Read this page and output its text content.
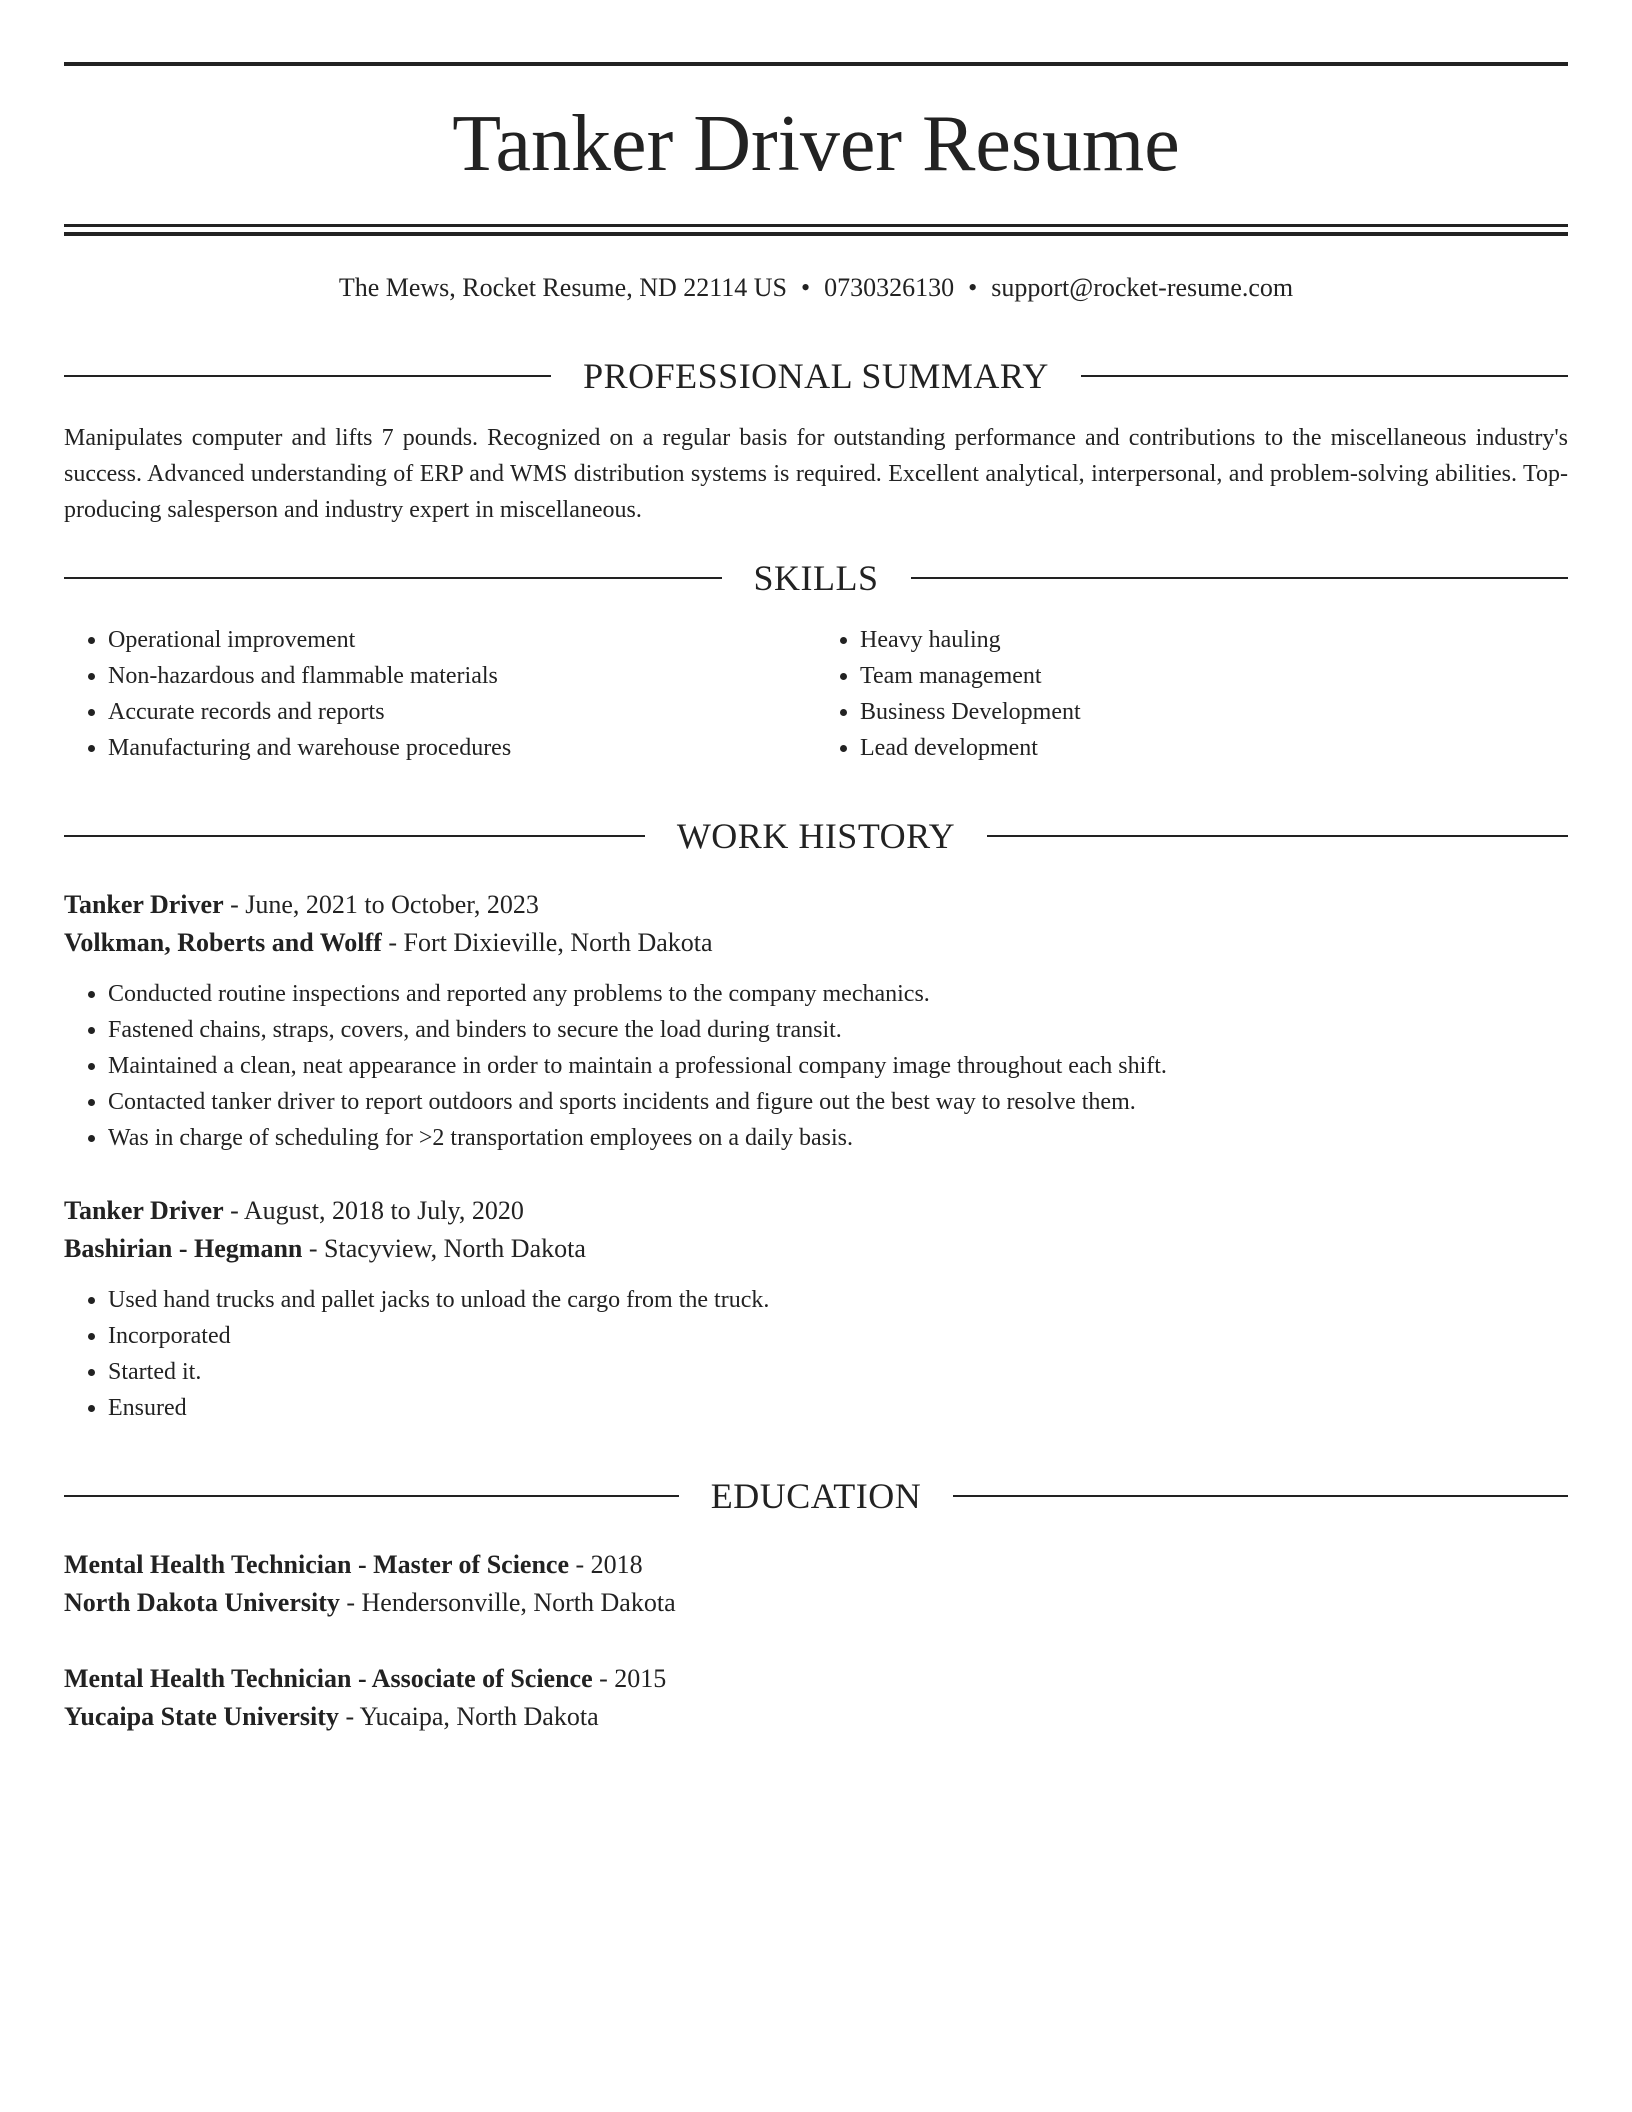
Tanker Driver Resume
The Mews, Rocket Resume, ND 22114 US • 0730326130 • support@rocket-resume.com
PROFESSIONAL SUMMARY

Manipulates computer and lifts 7 pounds. Recognized on a regular basis for outstanding performance and contributions to the miscellaneous industry's success. Advanced understanding of ERP and WMS distribution systems is required. Excellent analytical, interpersonal, and problem-solving abilities. Top-producing salesperson and industry expert in miscellaneous.

SKILLS
• Operational improvement
• Non-hazardous and flammable materials
• Accurate records and reports
• Manufacturing and warehouse procedures
• Heavy hauling
• Team management
• Business Development
• Lead development
WORK HISTORY
Tanker Driver - June, 2021 to October, 2023
Volkman, Roberts and Wolff - Fort Dixieville, North Dakota
• Conducted routine inspections and reported any problems to the company mechanics.
• Fastened chains, straps, covers, and binders to secure the load during transit.
• Maintained a clean, neat appearance in order to maintain a professional company image throughout each shift.
• Contacted tanker driver to report outdoors and sports incidents and figure out the best way to resolve them.
• Was in charge of scheduling for >2 transportation employees on a daily basis.
Tanker Driver - August, 2018 to July, 2020
Bashirian - Hegmann - Stacyview, North Dakota
• Used hand trucks and pallet jacks to unload the cargo from the truck.
• Incorporated
• Started it.
• Ensured
EDUCATION
Mental Health Technician - Master of Science - 2018
North Dakota University - Hendersonville, North Dakota
Mental Health Technician - Associate of Science - 2015
Yucaipa State University - Yucaipa, North Dakota
